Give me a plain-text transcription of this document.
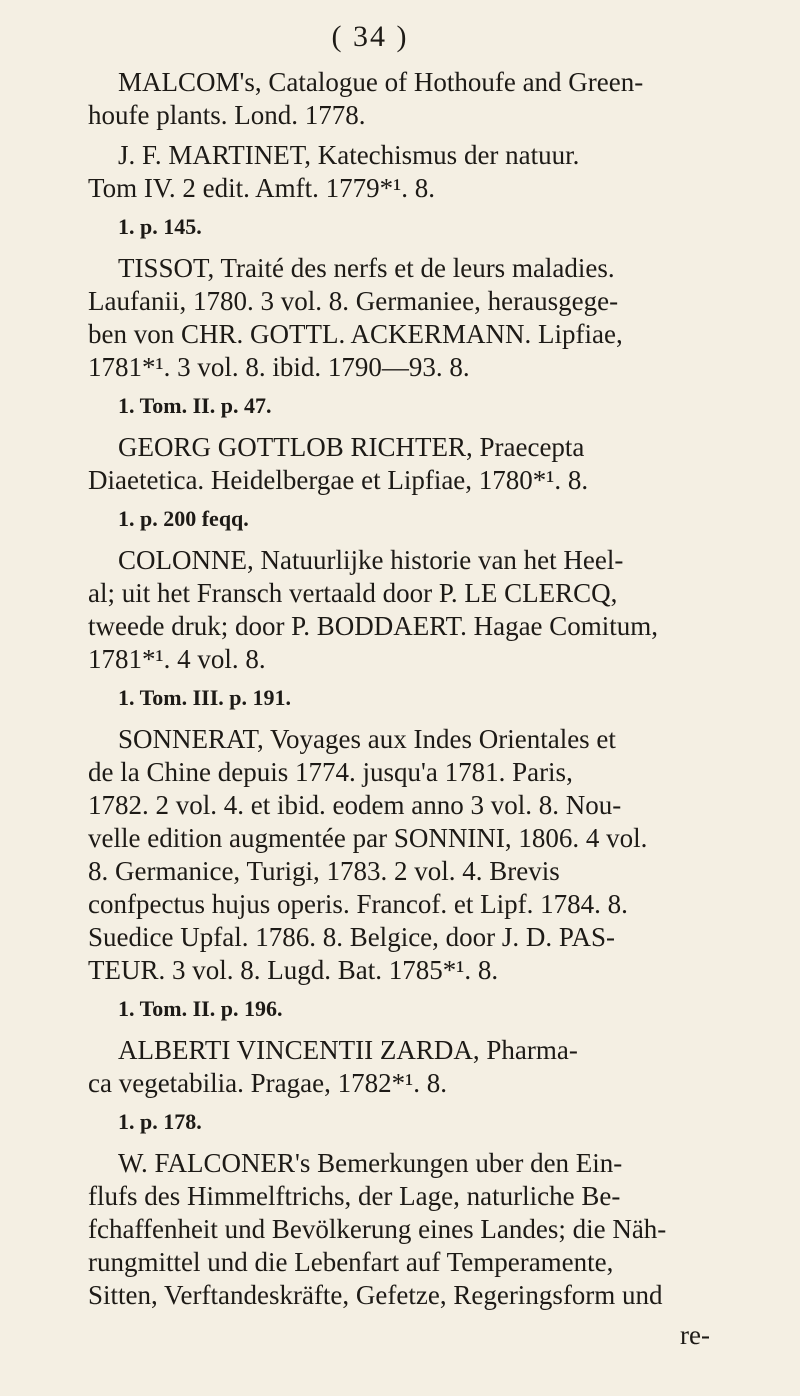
( 34 )
MALCOM's, Catalogue of Hothoufe and Green-
houfe plants. Lond. 1778.
J. F. MARTINET, Katechismus der natuur.
Tom IV. 2 edit. Amft. 1779*¹. 8.
1. p. 145.
TISSOT, Traité des nerfs et de leurs maladies.
Laufanii, 1780. 3 vol. 8. Germaniee, herausgege-
ben von CHR. GOTTL. ACKERMANN. Lipfiae,
1781*¹. 3 vol. 8. ibid. 1790—93. 8.
1. Tom. II. p. 47.
GEORG GOTTLOB RICHTER, Praecepta
Diaetetica. Heidelbergae et Lipfiae, 1780*¹. 8.
1. p. 200 feqq.
COLONNE, Natuurlijke historie van het Heel-
al; uit het Fransch vertaald door P. LE CLERCQ,
tweede druk; door P. BODDAERT. Hagae Comitum,
1781*¹. 4 vol. 8.
1. Tom. III. p. 191.
SONNERAT, Voyages aux Indes Orientales et
de la Chine depuis 1774. jusqu'a 1781. Paris,
1782. 2 vol. 4. et ibid. eodem anno 3 vol. 8. Nou-
velle edition augmentée par SONNINI, 1806. 4 vol.
8. Germanice, Turigi, 1783. 2 vol. 4. Brevis
confpectus hujus operis. Francof. et Lipf. 1784. 8.
Suedice Upfal. 1786. 8. Belgice, door J. D. PAS-
TEUR. 3 vol. 8. Lugd. Bat. 1785*¹. 8.
1. Tom. II. p. 196.
ALBERTI VINCENTII ZARDA, Pharma-
ca vegetabilia. Pragae, 1782*¹. 8.
1. p. 178.
W. FALCONER's Bemerkungen uber den Ein-
flufs des Himmelftrichs, der Lage, naturliche Be-
fchaffenheit und Bevölkerung eines Landes; die Näh-
rungmittel und die Lebenfart auf Temperamente,
Sitten, Verftandeskräfte, Gefetze, Regeringsform und
re-
